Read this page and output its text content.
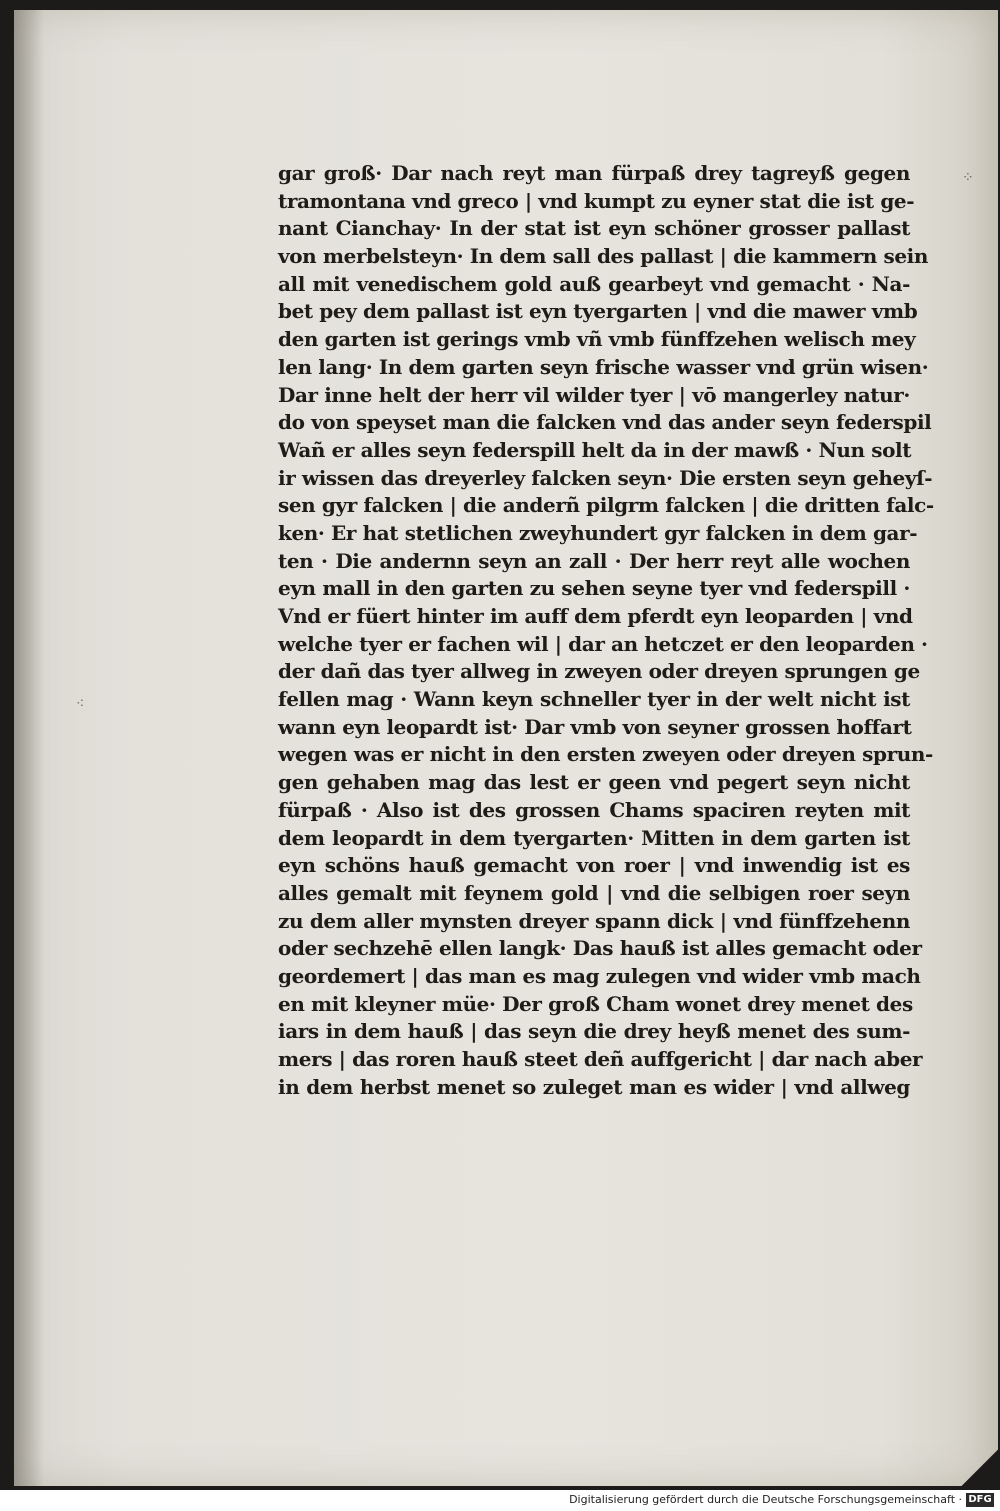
gar groß· Dar nach reyt man fürpaß drey tagreyß gegen
tramontana vnd greco | vnd kumpt zu eyner stat die ist ge-
nant Cianchay· In der stat ist eyn schöner grosser pallast
von merbelsteyn· In dem sall des pallast | die kammern sein
all mit venedischem gold auß gearbeyt vnd gemacht · Na-
bet pey dem pallast ist eyn tyergarten | vnd die mawer vmb
den garten ist gerings vmb vñ vmb fünffzehen welisch mey
len lang· In dem garten seyn frische wasser vnd grün wisen·
Dar inne helt der herr vil wilder tyer | vō mangerley natur·
do von speyset man die falcken vnd das ander seyn federspil
Wañ er alles seyn federspill helt da in der mawß · Nun solt
ir wissen das dreyerley falcken seyn· Die ersten seyn geheyſ-
sen gyr falcken | die anderñ pilgrm falcken | die dritten falc-
ken· Er hat stetlichen zweyhundert gyr falcken in dem gar-
ten · Die andernn seyn an zall · Der herr reyt alle wochen
eyn mall in den garten zu sehen seyne tyer vnd federspill ·
Vnd er füert hinter im auff dem pferdt eyn leoparden | vnd
welche tyer er fachen wil | dar an hetczet er den leoparden ·
der dañ das tyer allweg in zweyen oder dreyen sprungen ge
fellen mag · Wann keyn schneller tyer in der welt nicht ist
wann eyn leopardt ist· Dar vmb von seyner grossen hoffart
wegen was er nicht in den ersten zweyen oder dreyen sprun-
gen gehaben mag das lest er geen vnd pegert seyn nicht
fürpaß · Also ist des grossen Chams spaciren reyten mit
dem leopardt in dem tyergarten· Mitten in dem garten ist
eyn schöns hauß gemacht von roer | vnd inwendig ist es
alles gemalt mit feynem gold | vnd die selbigen roer seyn
zu dem aller mynsten dreyer spann dick | vnd fünffzehenn
oder sechzehē ellen langk· Das hauß ist alles gemacht oder
geordemert | das man es mag zulegen vnd wider vmb mach
en mit kleyner müe· Der groß Cham wonet drey menet des
iars in dem hauß | das seyn die drey heyß menet des sum-
mers | das roren hauß steet deñ auffgericht | dar nach aber
in dem herbst menet so zuleget man es wider | vnd allweg
⁘
⁖
Digitalisierung gefördert durch die Deutsche Forschungsgemeinschaft · DFG
